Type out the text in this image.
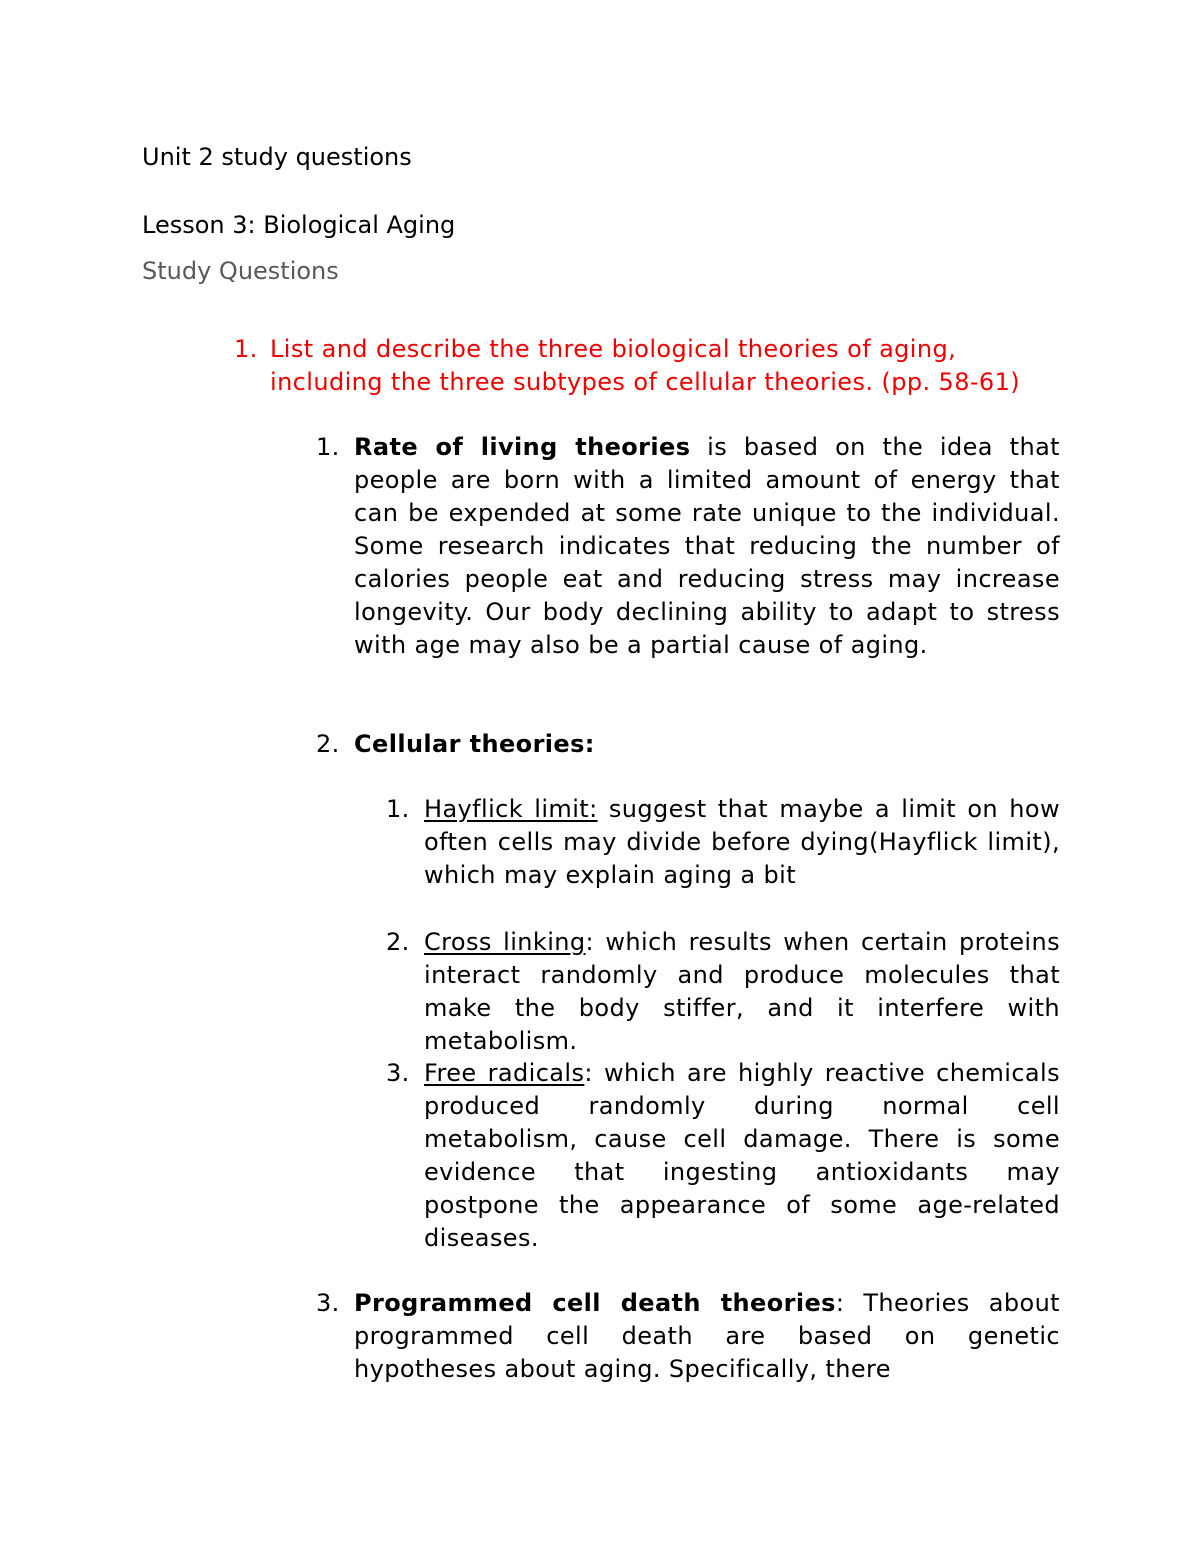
Unit 2 study questions
Lesson 3: Biological Aging
Study Questions
1. List and describe the three biological theories of aging, including the three subtypes of cellular theories. (pp. 58-61)
1. Rate of living theories is based on the idea that people are born with a limited amount of energy that can be expended at some rate unique to the individual. Some research indicates that reducing the number of calories people eat and reducing stress may increase longevity. Our body declining ability to adapt to stress with age may also be a partial cause of aging.
2. Cellular theories:
1. Hayflick limit: suggest that maybe a limit on how often cells may divide before dying(Hayflick limit), which may explain aging a bit
2. Cross linking: which results when certain proteins interact randomly and produce molecules that make the body stiffer, and it interfere with metabolism.
3. Free radicals: which are highly reactive chemicals produced randomly during normal cell metabolism, cause cell damage. There is some evidence that ingesting antioxidants may postpone the appearance of some age-related diseases.
3. Programmed cell death theories: Theories about programmed cell death are based on genetic hypotheses about aging. Specifically, there
